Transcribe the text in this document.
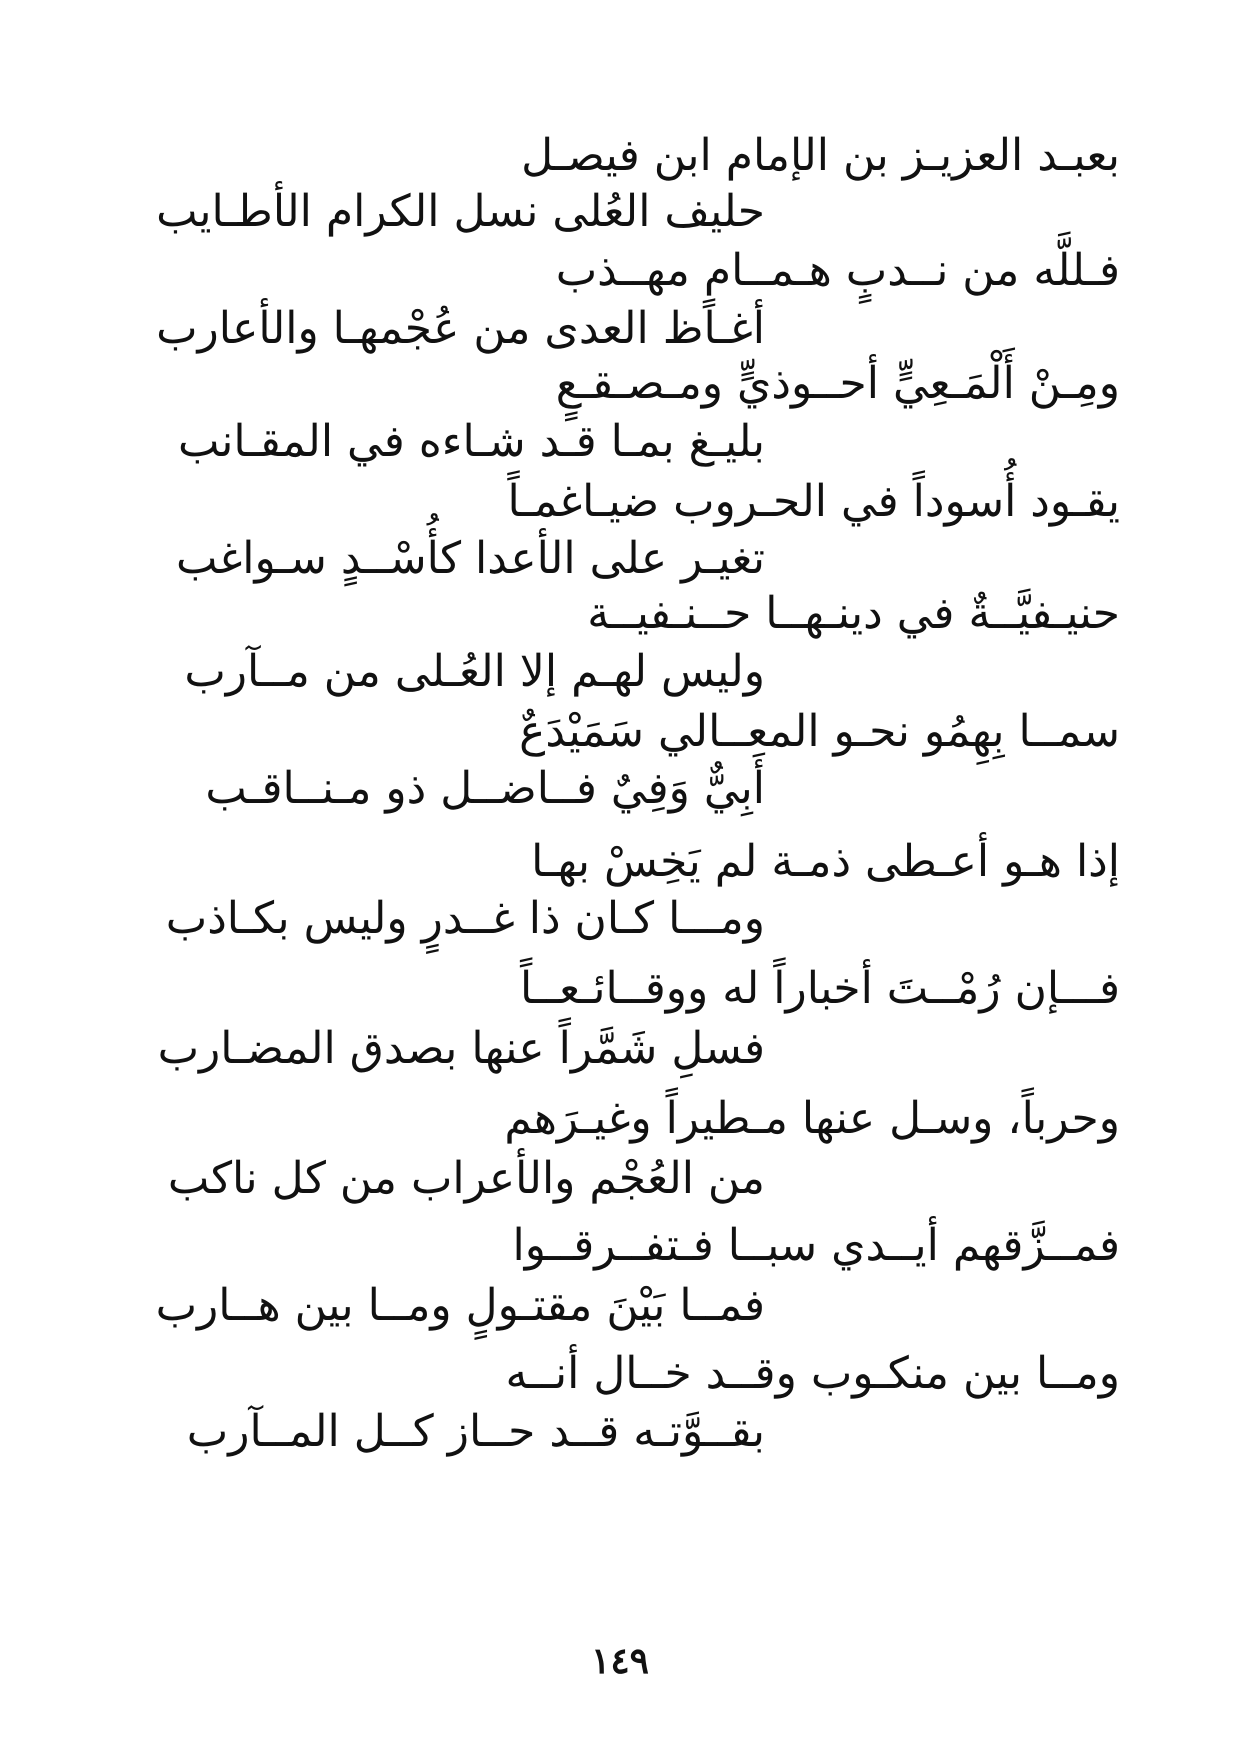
بعبـد العزيـز بن الإمام ابن فيصـل
حليف العُلى نسل الكرام الأطـايب
فـللَّه من نــدبٍ هـمــامٍ مهــذب
أغـاظ العدى من عُجْمهـا والأعارب
ومِـنْ أَلْمَـعِيٍّ أحــوذيٍّ ومـصـقـعٍ
بليـغ بمـا قـد شـاءه في المقـانب
يقـود أُسوداً في الحـروب ضيـاغمـاً
تغيـر على الأعدا كأُسْــدٍ سـواغب
حنيـفيَّــةٌ في دينـهــا حــنـفيــة
وليس لهـم إلا العُـلى من مــآرب
سمــا بِهِمُو نحـو المعــالي سَمَيْدَعٌ
أَبِيٌّ وَفِيٌ فــاضــل ذو مـنــاقـب
إذا هـو أعـطى ذمـة لم يَخِسْ بهـا
ومـــا كـان ذا غــدرٍ وليس بكـاذب
فـــإن رُمْــتَ أخباراً له ووقــائـعــاً
فسلِ شَمَّراً عنها بصدق المضـارب
وحرباً، وسـل عنها مـطيراً وغيـرَهم
من العُجْم والأعراب من كل ناكب
فمــزَّقهم أيــدي سبــا فـتفــرقــوا
فمــا بَيْنَ مقتـولٍ ومــا بين هــارب
ومــا بين منكـوب وقــد خــال أنــه
بقــوَّتـه قــد حــاز كــل المــآرب
١٤٩
